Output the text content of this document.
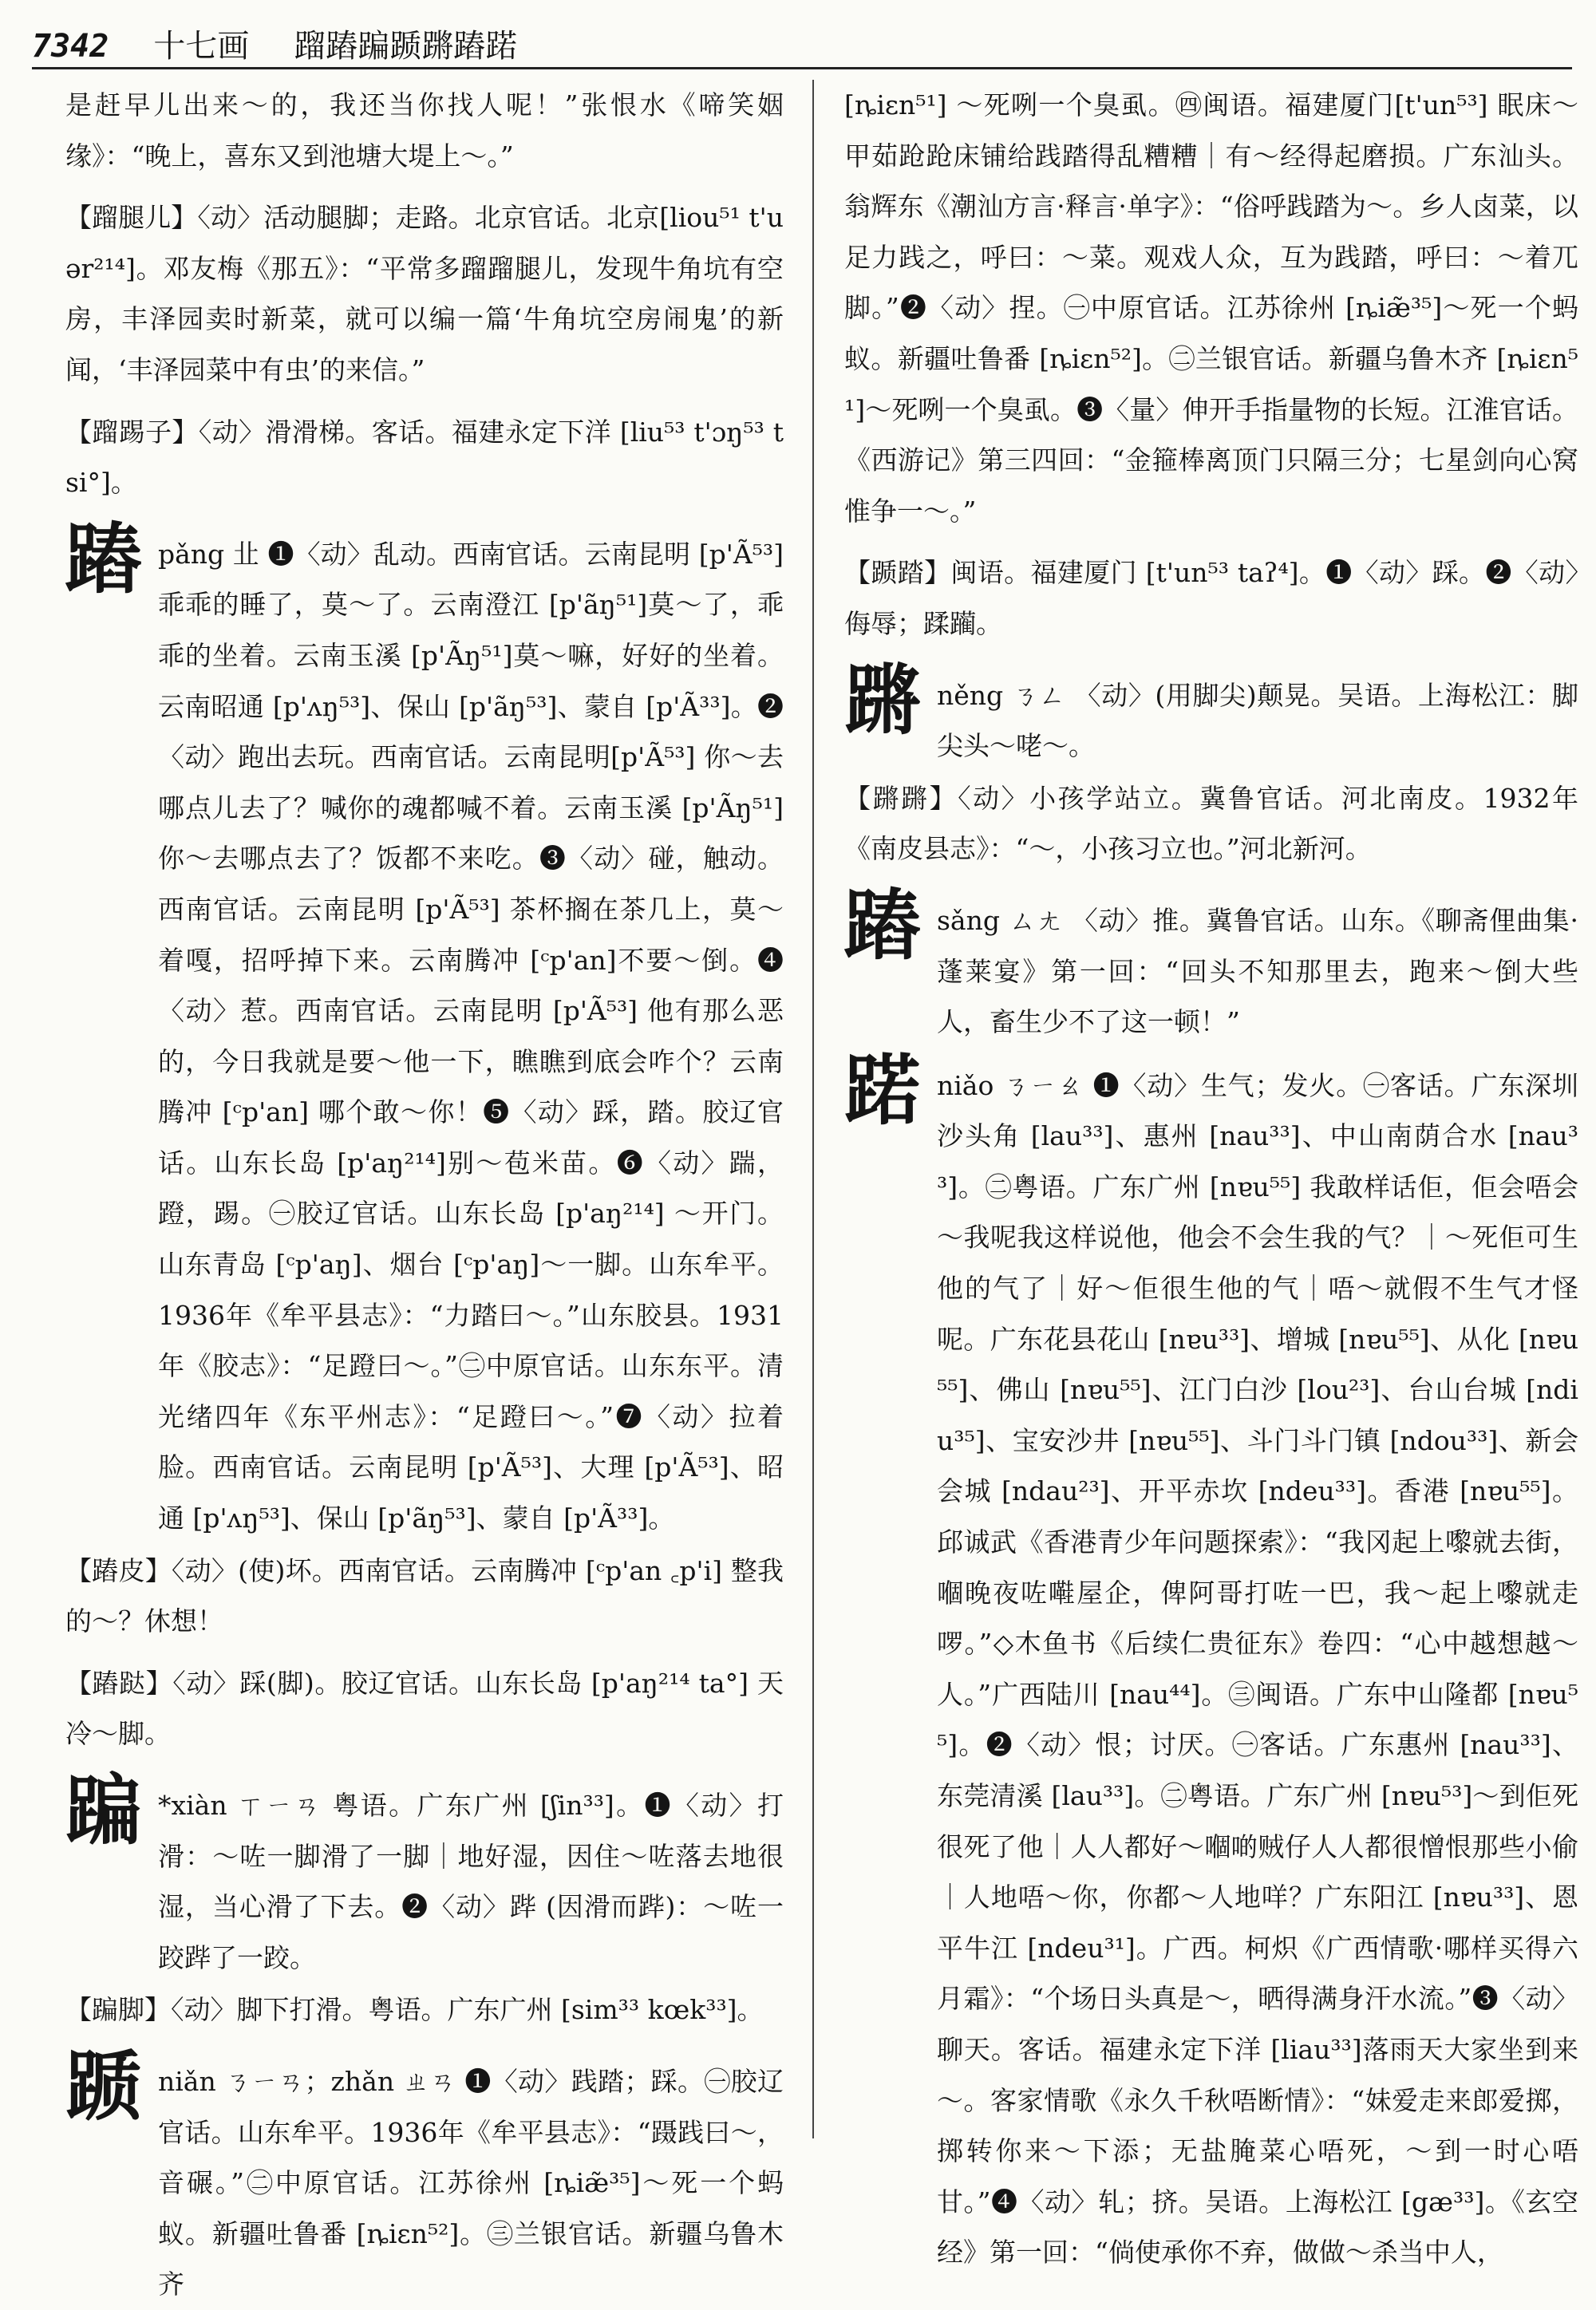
7342 十七画 蹓蹖蹁踬蹡蹖蹃

是赶早儿出来～的，我还当你找人呢！”张恨水《啼笑姻缘》：“晚上，喜东又到池塘大堤上～。”

【蹓腿儿】〈动〉活动腿脚；走路。北京官话。北京[liou⁵¹ t'uər²¹⁴]。邓友梅《那五》：“平常多蹓蹓腿儿，发现牛角坑有空房，丰泽园卖时新菜，就可以编一篇‘牛角坑空房闹鬼’的新闻，‘丰泽园菜中有虫’的来信。”

【蹓踢子】〈动〉滑滑梯。客话。福建永定下洋 [liu⁵³ t'ɔŋ⁵³ tsi°]。

蹖 pǎng 㐀 ❶〈动〉乱动。西南官话。云南昆明 [p'Ã⁵³] 乖乖的睡了，莫～了。云南澄江 [p'ãŋ⁵¹]莫～了，乖乖的坐着。云南玉溪 [p'Ãŋ⁵¹]莫～嘛，好好的坐着。云南昭通 [p'ʌŋ⁵³]、保山 [p'ãŋ⁵³]、蒙自 [p'Ã³³]。❷〈动〉跑出去玩。西南官话。云南昆明[p'Ã⁵³] 你～去哪点儿去了？喊你的魂都喊不着。云南玉溪 [p'Ãŋ⁵¹] 你～去哪点去了？饭都不来吃。❸〈动〉碰，触动。西南官话。云南昆明 [p'Ã⁵³] 茶杯搁在茶几上，莫～着嘎，招呼掉下来。云南腾冲 [ᶜp'an]不要～倒。❹〈动〉惹。西南官话。云南昆明 [p'Ã⁵³] 他有那么恶的，今日我就是要～他一下，瞧瞧到底会咋个？云南腾冲 [ᶜp'an] 哪个敢～你！❺〈动〉踩，踏。胶辽官话。山东长岛 [p'aŋ²¹⁴]别～苞米苗。❻〈动〉踹，蹬，踢。㊀胶辽官话。山东长岛 [p'aŋ²¹⁴] ～开门。山东青岛 [ᶜp'aŋ]、烟台 [ᶜp'aŋ]～一脚。山东牟平。1936年《牟平县志》：“力踏曰～。”山东胶县。1931年《胶志》：“足蹬曰～。”㊁中原官话。山东东平。清光绪四年《东平州志》：“足蹬曰～。”❼〈动〉拉着脸。西南官话。云南昆明 [p'Ã⁵³]、大理 [p'Ã⁵³]、昭通 [p'ʌŋ⁵³]、保山 [p'ãŋ⁵³]、蒙自 [p'Ã³³]。

【蹖皮】〈动〉(使)坏。西南官话。云南腾冲 [ᶜp'an ꜀p'i] 整我的～？休想！

【蹖跶】〈动〉踩(脚)。胶辽官话。山东长岛 [p'aŋ²¹⁴ ta°] 天冷～脚。

蹁 *xiàn ㄒㄧㄢ 粤语。广东广州 [ʃin³³]。❶〈动〉打滑：～咗一脚滑了一脚｜地好湿，因住～咗落去地很湿，当心滑了下去。❷〈动〉跸 (因滑而跸)：～咗一跤跸了一跤。

【蹁脚】〈动〉脚下打滑。粤语。广东广州 [sim³³ kœk³³]。

踬 niǎn ㄋㄧㄢ；zhǎn ㄓㄢ ❶〈动〉践踏；踩。㊀胶辽官话。山东牟平。1936年《牟平县志》：“蹑践曰～，音碾。”㊁中原官话。江苏徐州 [ȵiæ̃³⁵]～死一个蚂蚁。新疆吐鲁番 [ȵiɛn⁵²]。㊂兰银官话。新疆乌鲁木齐

[ȵiɛn⁵¹] ～死咧一个臭虱。㊃闽语。福建厦门[t'un⁵³] 眠床～甲茹跄跄床铺给践踏得乱糟糟｜有～经得起磨损。广东汕头。翁辉东《潮汕方言·释言·单字》：“俗呼践踏为～。乡人卤菜，以足力践之，呼曰：～菜。观戏人众，互为践踏，呼曰：～着兀脚。”❷〈动〉捏。㊀中原官话。江苏徐州 [ȵiæ̃³⁵]～死一个蚂蚁。新疆吐鲁番 [ȵiɛn⁵²]。㊁兰银官话。新疆乌鲁木齐 [ȵiɛn⁵¹]～死咧一个臭虱。❸〈量〉伸开手指量物的长短。江淮官话。《西游记》第三四回：“金箍棒离顶门只隔三分；七星剑向心窝惟争一～。”

【踬踏】闽语。福建厦门 [t'un⁵³ taʔ⁴]。❶〈动〉踩。❷〈动〉侮辱；蹂躏。

蹡 něng ㄋㄥ 〈动〉(用脚尖)颠晃。吴语。上海松江：脚尖头～咾～。

【蹡蹡】〈动〉小孩学站立。冀鲁官话。河北南皮。1932年《南皮县志》：“～，小孩习立也。”河北新河。

蹖 sǎng ㄙㄤ 〈动〉推。冀鲁官话。山东。《聊斋俚曲集·蓬莱宴》第一回：“回头不知那里去，跑来～倒大些人，畜生少不了这一顿！”

蹃 niǎo ㄋㄧㄠ ❶〈动〉生气；发火。㊀客话。广东深圳沙头角 [lau³³]、惠州 [nau³³]、中山南荫合水 [nau³³]。㊁粤语。广东广州 [nɐu⁵⁵] 我敢样话佢，佢会唔会～我呢我这样说他，他会不会生我的气？｜～死佢可生他的气了｜好～佢很生他的气｜唔～就假不生气才怪呢。广东花县花山 [nɐu³³]、增城 [nɐu⁵⁵]、从化 [nɐu⁵⁵]、佛山 [nɐu⁵⁵]、江门白沙 [lou²³]、台山台城 [ndiu³⁵]、宝安沙井 [nɐu⁵⁵]、斗门斗门镇 [ndou³³]、新会会城 [ndau²³]、开平赤坎 [ndeu³³]。香港 [nɐu⁵⁵]。邱诚武《香港青少年问题探索》：“我冈起上嚟就去街，嗰晚夜咗嚡屋企，俾阿哥打咗一巴，我～起上嚟就走啰。”◇木鱼书《后续仁贵征东》卷四：“心中越想越～人。”广西陆川 [nau⁴⁴]。㊂闽语。广东中山隆都 [nɐu⁵⁵]。❷〈动〉恨；讨厌。㊀客话。广东惠州 [nau³³]、东莞清溪 [lau³³]。㊁粤语。广东广州 [nɐu⁵³]～到佢死很死了他｜人人都好～嗰啲贼仔人人都很憎恨那些小偷｜人地唔～你，你都～人地咩？广东阳江 [nɐu³³]、恩平牛江 [ndeu³¹]。广西。柯炽《广西情歌·哪样买得六月霜》：“个场日头真是～，晒得满身汗水流。”❸〈动〉聊天。客话。福建永定下洋 [liau³³]落雨天大家坐到来～。客家情歌《永久千秋唔断情》：“妹爱走来郎爱掷，掷转你来～下添；无盐腌菜心唔死，～到一时心唔甘。”❹〈动〉轧；挤。吴语。上海松江 [gæ³³]。《玄空经》第一回：“倘使承你不弃，做做～杀当中人，
